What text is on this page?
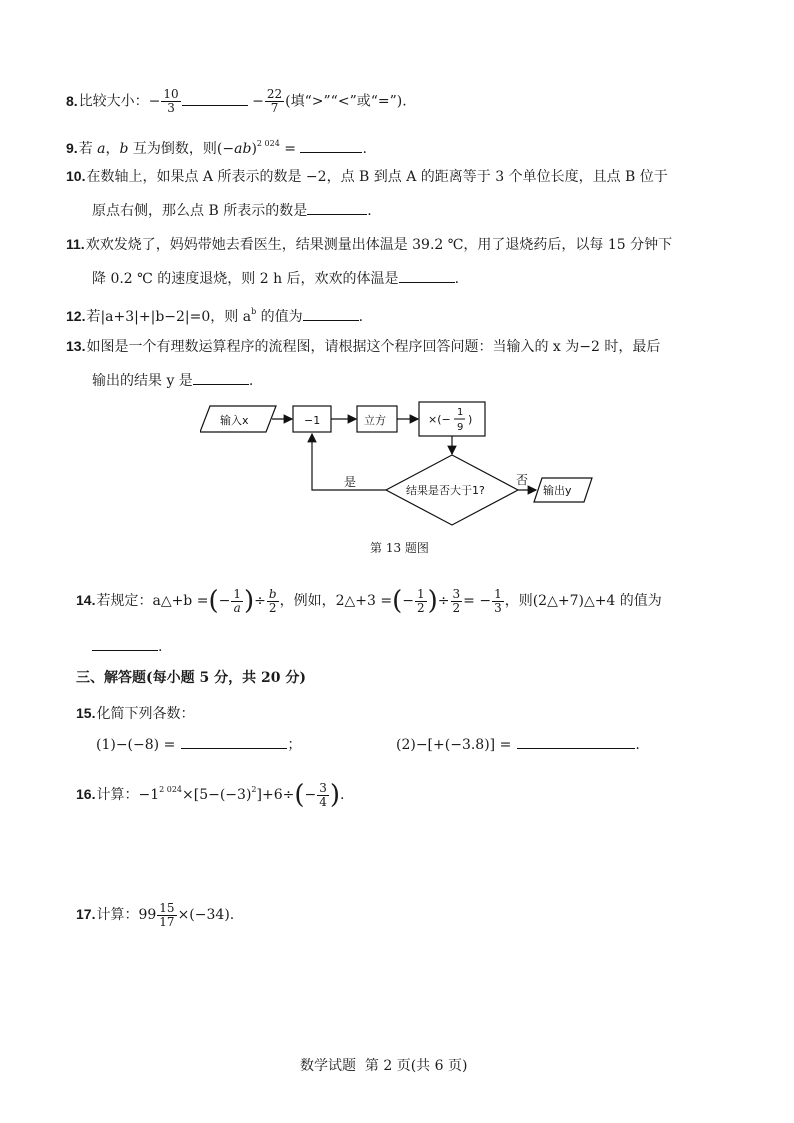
8.比较大小：− $\frac{10}{3}$	− $\frac{22}{7}$ (填“>”“<”或“=”).
9.若 a，b 互为倒数，则$(-ab)^{2 024}$ =	.
10.在数轴上，如果点 A 所表示的数是 −2，点 B 到点 A 的距离等于 3 个单位长度，且点 B 位于
原点右侧，那么点 B 所表示的数是	.
11.欢欢发烧了，妈妈带她去看医生，结果测量出体温是 39.2 ℃，用了退烧药后，以每 15 分钟下
降 0.2 ℃ 的速度退烧，则 2 h 后，欢欢的体温是	.
12.若|a+3|+|b−2|=0，则 $a^b$ 的值为	.
13.如图是一个有理数运算程序的流程图，请根据这个程序回答问题：当输入的 x 为−2 时，最后
输出的结果 y 是	.
输入x	−1	立方	×(−
1
9
)
结果是否大于1?
是	否
输出y
第 13 题图
14.若规定：a△+b =(− $\frac{1}{a}$ )÷ $\frac{b}{2}$ ，例如，2△+3 =(− $\frac{1}{2}$ )÷ $\frac{3}{2}$ = − $\frac{1}{3}$ ，则(2△+7)△+4 的值为
.
三、解答题(每小题 5 分，共 20 分)
15.化简下列各数：
(1)−(−8) =	；	(2)−[+(−3.8)] =	.
16.计算：$-1^{2 024}\times[5-(-3)^2]+6\div(- \frac{3}{4}$ ).
17.计算：$99 \frac{15}{17} \times(-34)$.
数学试题  第 2 页(共 6 页)
